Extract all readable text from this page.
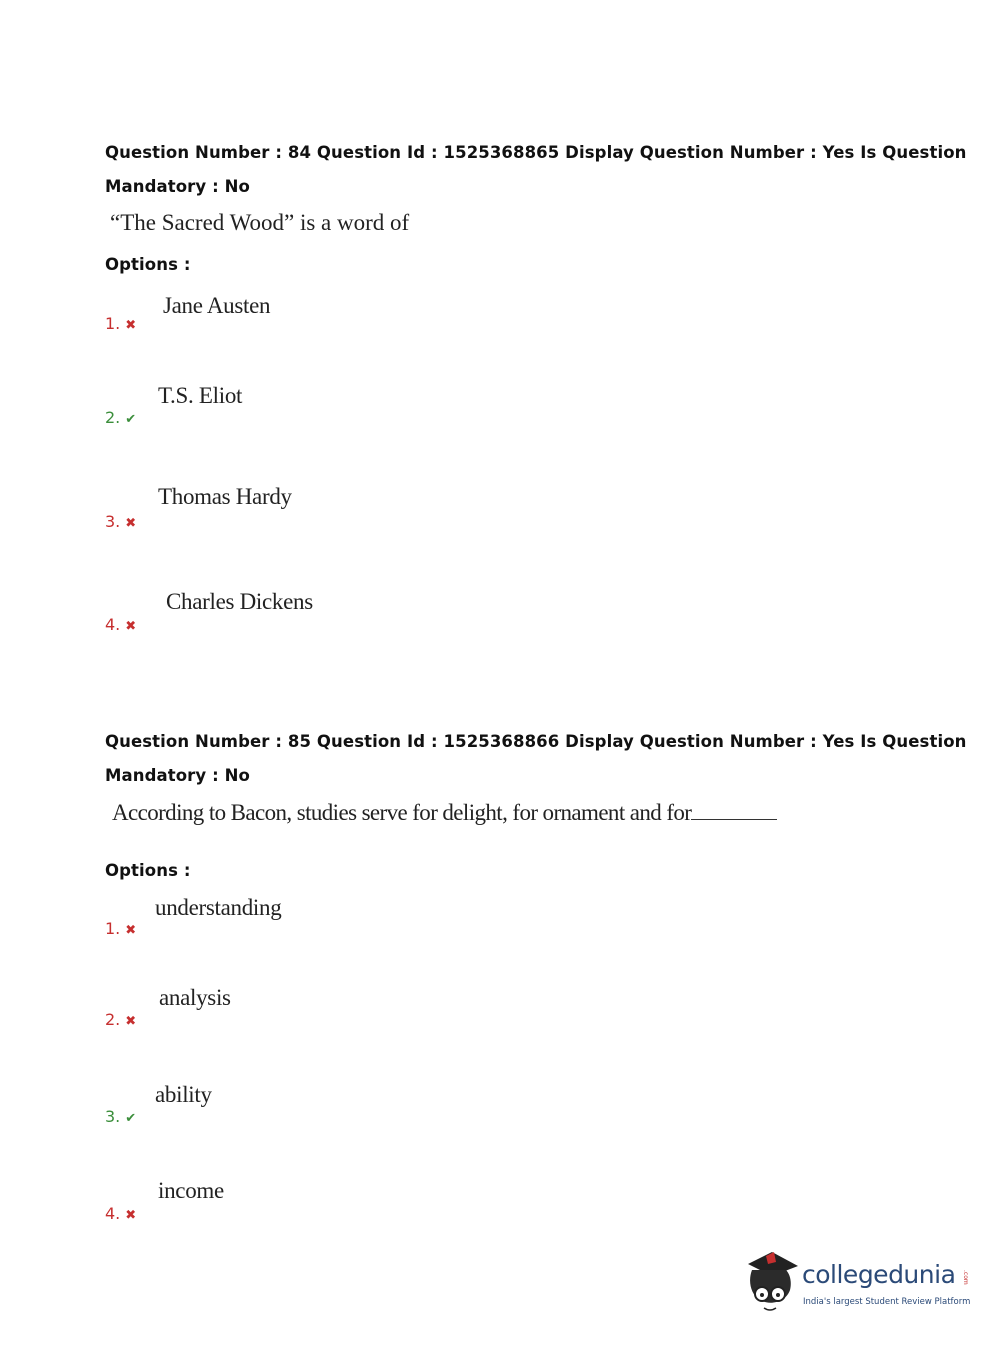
Question Number : 84 Question Id : 1525368865 Display Question Number : Yes Is Question
Mandatory : No
“The Sacred Wood” is a word of
Options :
1. ✖
Jane Austen
2. ✔
T.S. Eliot
3. ✖
Thomas Hardy
4. ✖
Charles Dickens
Question Number : 85 Question Id : 1525368866 Display Question Number : Yes Is Question
Mandatory : No
According to Bacon, studies serve for delight, for ornament and for
Options :
1. ✖
understanding
2. ✖
analysis
3. ✔
ability
4. ✖
income
collegedunia .com
India's largest Student Review Platform
